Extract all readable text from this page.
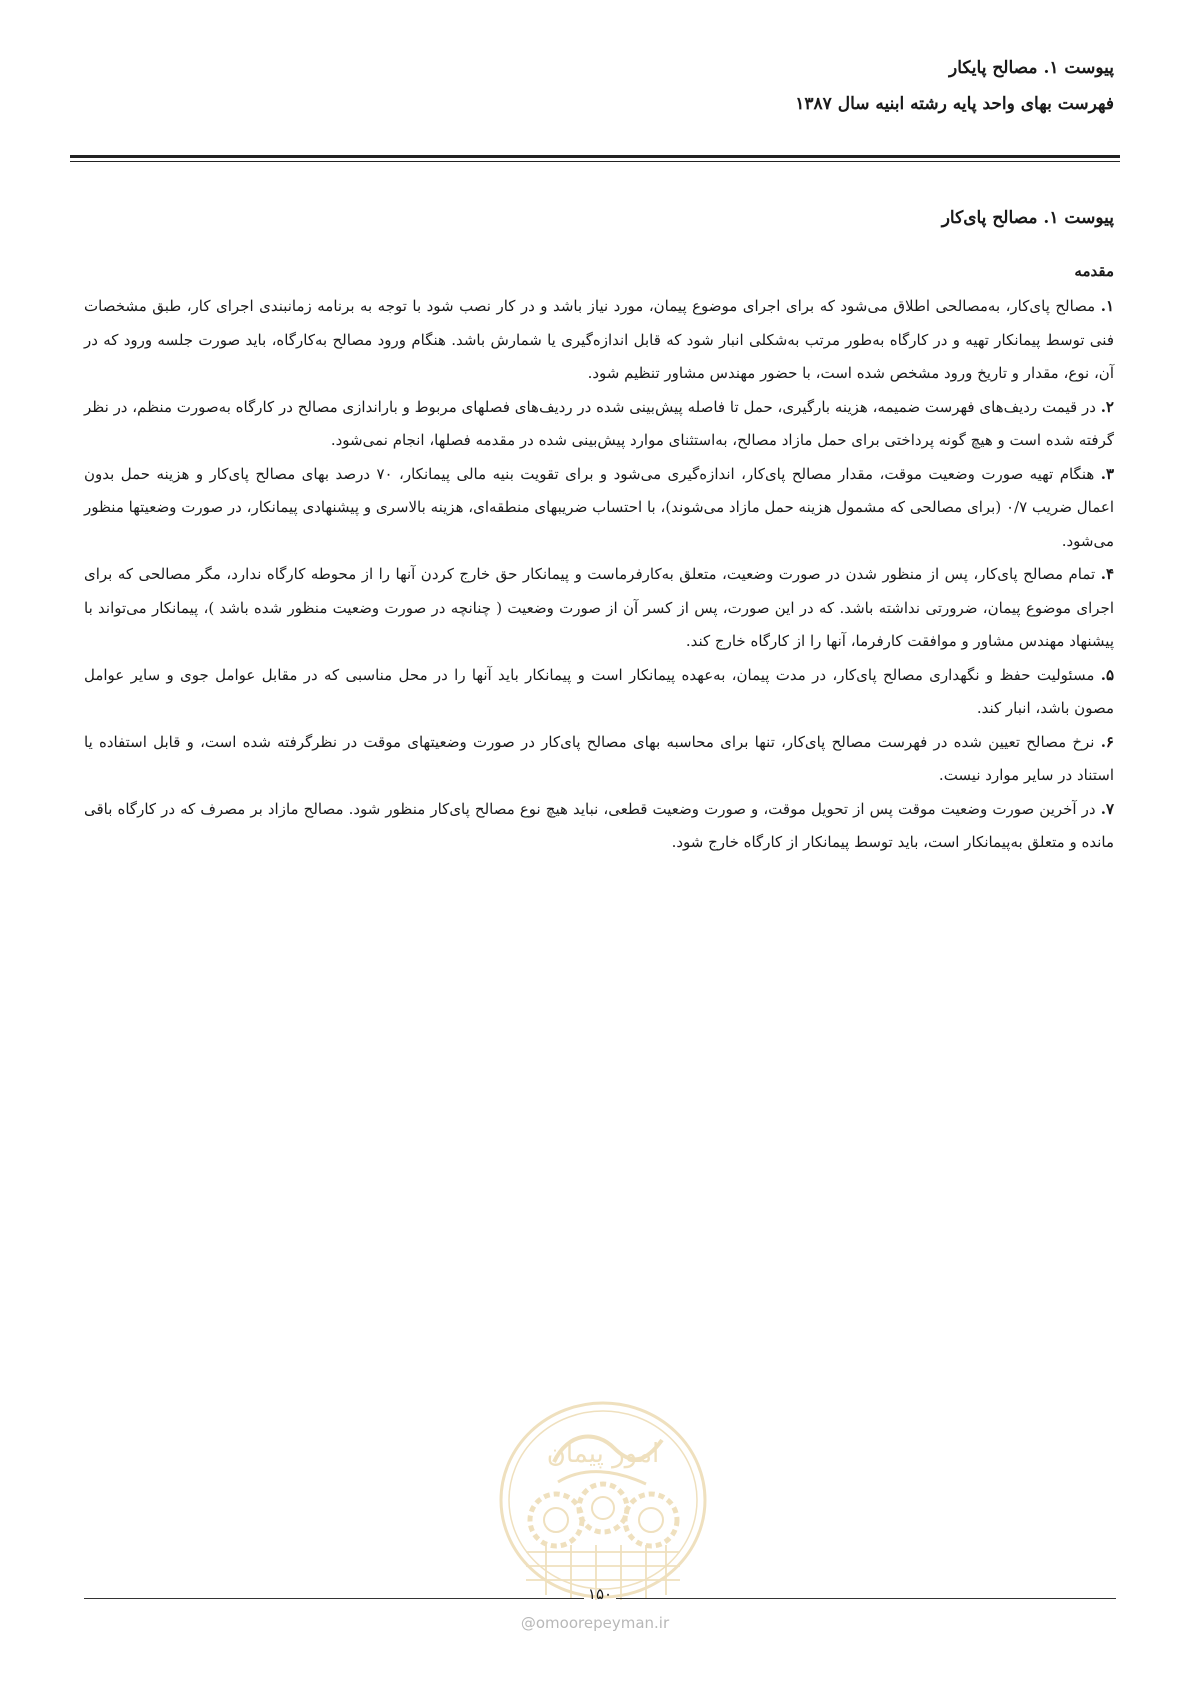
پیوست ۱. مصالح پایکار
فهرست بهای واحد پایه رشته ابنیه سال ۱۳۸۷
پیوست ۱. مصالح پای‌کار
مقدمه

۱. مصالح پای‌کار، به‌مصالحی اطلاق می‌شود که برای اجرای موضوع پیمان، مورد نیاز باشد و در کار نصب شود با توجه به برنامه زمانبندی اجرای کار، طبق مشخصات فنی توسط پیمانکار تهیه و در کارگاه به‌طور مرتب به‌شکلی انبار شود که قابل اندازه‌گیری یا شمارش باشد. هنگام ورود مصالح به‌کارگاه، باید صورت جلسه ورود که در آن، نوع، مقدار و تاریخ ورود مشخص شده است، با حضور مهندس مشاور تنظیم شود.

۲. در قیمت ردیف‌های فهرست ضمیمه، هزینه بارگیری، حمل تا فاصله پیش‌بینی شده در ردیف‌های فصلهای مربوط و باراندازی مصالح در کارگاه به‌صورت منظم، در نظر گرفته شده است و هیچ گونه پرداختی برای حمل مازاد مصالح، به‌استثنای موارد پیش‌بینی شده در مقدمه فصلها، انجام نمی‌شود.

۳. هنگام تهیه صورت وضعیت موقت، مقدار مصالح پای‌کار، اندازه‌گیری می‌شود و برای تقویت بنیه مالی پیمانکار، ۷۰ درصد بهای مصالح پای‌کار و هزینه حمل بدون اعمال ضریب ۰/۷ (برای مصالحی که مشمول هزینه حمل مازاد می‌شوند)، با احتساب ضریبهای منطقه‌ای، هزینه بالاسری و پیشنهادی پیمانکار، در صورت وضعیتها منظور می‌شود.

۴. تمام مصالح پای‌کار، پس از منظور شدن در صورت وضعیت، متعلق به‌کارفرماست و پیمانکار حق خارج کردن آنها را از محوطه کارگاه ندارد، مگر مصالحی که برای اجرای موضوع پیمان، ضرورتی نداشته باشد. که در این صورت، پس از کسر آن از صورت وضعیت ( چنانچه در صورت وضعیت منظور شده باشد )، پیمانکار می‌تواند با پیشنهاد مهندس مشاور و موافقت کارفرما، آنها را از کارگاه خارج کند.

۵. مسئولیت حفظ و نگهداری مصالح پای‌کار، در مدت پیمان، به‌عهده پیمانکار است و پیمانکار باید آنها را در محل مناسبی که در مقابل عوامل جوی و سایر عوامل مصون باشد، انبار کند.

۶. نرخ مصالح تعیین شده در فهرست مصالح پای‌کار، تنها برای محاسبه بهای مصالح پای‌کار در صورت وضعیتهای موقت در نظرگرفته شده است، و قابل استفاده یا استناد در سایر موارد نیست.

۷. در آخرین صورت وضعیت موقت پس از تحویل موقت، و صورت وضعیت قطعی، نباید هیچ نوع مصالح پای‌کار منظور شود. مصالح مازاد بر مصرف که در کارگاه باقی مانده و متعلق به‌پیمانکار است، باید توسط پیمانکار از کارگاه خارج شود.

امور پیمان
۱۵۰
@omoorepeyman.ir
